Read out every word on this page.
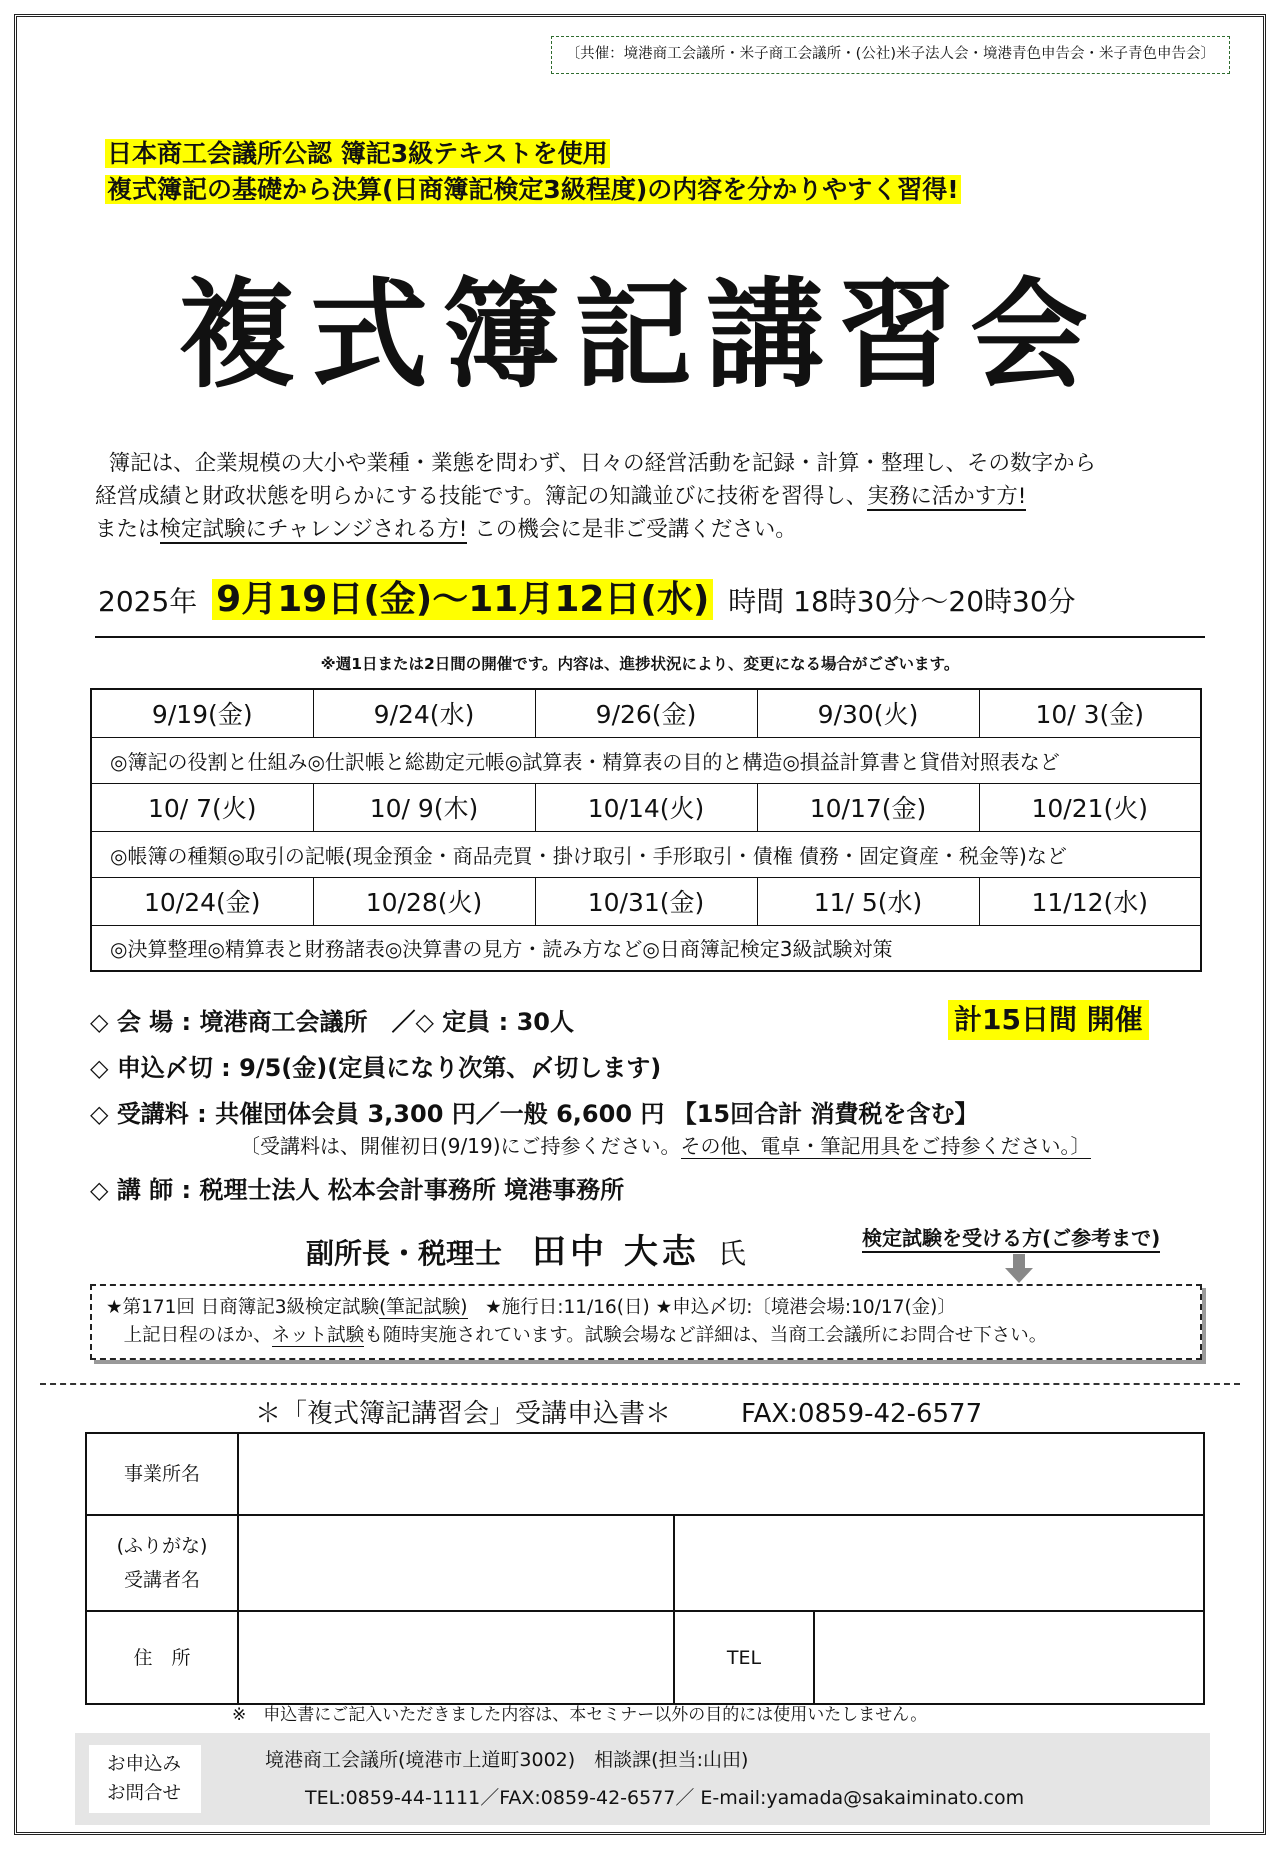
〔共催：境港商工会議所・米子商工会議所・(公社)米子法人会・境港青色申告会・米子青色申告会〕
日本商工会議所公認 簿記3級テキストを使用
複式簿記の基礎から決算(日商簿記検定3級程度)の内容を分かりやすく習得!
複式簿記講習会
簿記は、企業規模の大小や業種・業態を問わず、日々の経営活動を記録・計算・整理し、その数字から
経営成績と財政状態を明らかにする技能です。簿記の知識並びに技術を習得し、実務に活かす方!
または検定試験にチャレンジされる方! この機会に是非ご受講ください。
2025年 9月19日(金)〜11月12日(水) 時間 18時30分〜20時30分
※週1日または2日間の開催です。内容は、進捗状況により、変更になる場合がございます。
9/19(金)	9/24(水)	9/26(金)	9/30(火)	10/ 3(金)
◎簿記の役割と仕組み◎仕訳帳と総勘定元帳◎試算表・精算表の目的と構造◎損益計算書と貸借対照表など				
10/ 7(火)	10/ 9(木)	10/14(火)	10/17(金)	10/21(火)
◎帳簿の種類◎取引の記帳(現金預金・商品売買・掛け取引・手形取引・債権 債務・固定資産・税金等)など				
10/24(金)	10/28(火)	10/31(金)	11/ 5(水)	11/12(水)
◎決算整理◎精算表と財務諸表◎決算書の見方・読み方など◎日商簿記検定3級試験対策				
◇ 会 場 : 境港商工会議所　／◇ 定員 : 30人	計15日間 開催
◇ 申込〆切 : 9/5(金)(定員になり次第、〆切します)
◇ 受講料 : 共催団体会員 3,300 円／一般 6,600 円 【15回合計 消費税を含む】
〔受講料は、開催初日(9/19)にご持参ください。その他、電卓・筆記用具をご持参ください。〕
◇ 講 師 : 税理士法人 松本会計事務所 境港事務所
副所長・税理士 田中 大志 氏	検定試験を受ける方(ご参考まで)
★第171回 日商簿記3級検定試験(筆記試験) ★施行日:11/16(日) ★申込〆切:〔境港会場:10/17(金)〕
上記日程のほか、ネット試験も随時実施されています。試験会場など詳細は、当商工会議所にお問合せ下さい。
＊「複式簿記講習会」受講申込書＊	FAX:0859-42-6577
事業所名			

(ふりがな)
受講者名			

住　所		TEL	
※　申込書にご記入いただきました内容は、本セミナー以外の目的には使用いたしません。
お申込み
お問合せ
境港商工会議所(境港市上道町3002)　相談課(担当:山田)
TEL:0859-44-1111／FAX:0859-42-6577／ E-mail:yamada@sakaiminato.com
